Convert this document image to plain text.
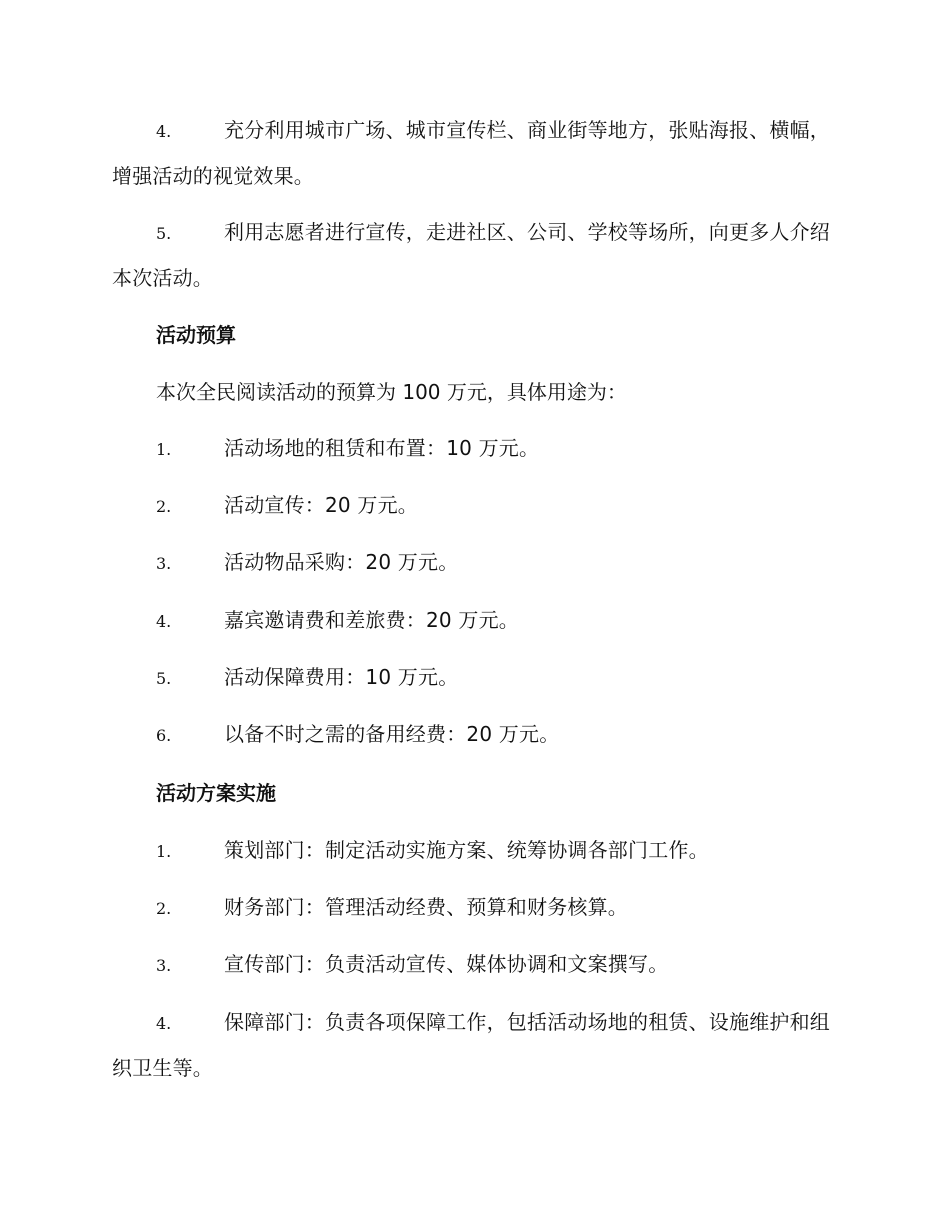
4.	充分利用城市广场、城市宣传栏、商业街等地方，张贴海报、横幅，增强活动的视觉效果。
5.	利用志愿者进行宣传，走进社区、公司、学校等场所，向更多人介绍本次活动。
活动预算
本次全民阅读活动的预算为 100 万元，具体用途为：
1.	活动场地的租赁和布置：10 万元。
2.	活动宣传：20 万元。
3.	活动物品采购：20 万元。
4.	嘉宾邀请费和差旅费：20 万元。
5.	活动保障费用：10 万元。
6.	以备不时之需的备用经费：20 万元。
活动方案实施
1.	策划部门：制定活动实施方案、统筹协调各部门工作。
2.	财务部门：管理活动经费、预算和财务核算。
3.	宣传部门：负责活动宣传、媒体协调和文案撰写。
4.	保障部门：负责各项保障工作，包括活动场地的租赁、设施维护和组织卫生等。
